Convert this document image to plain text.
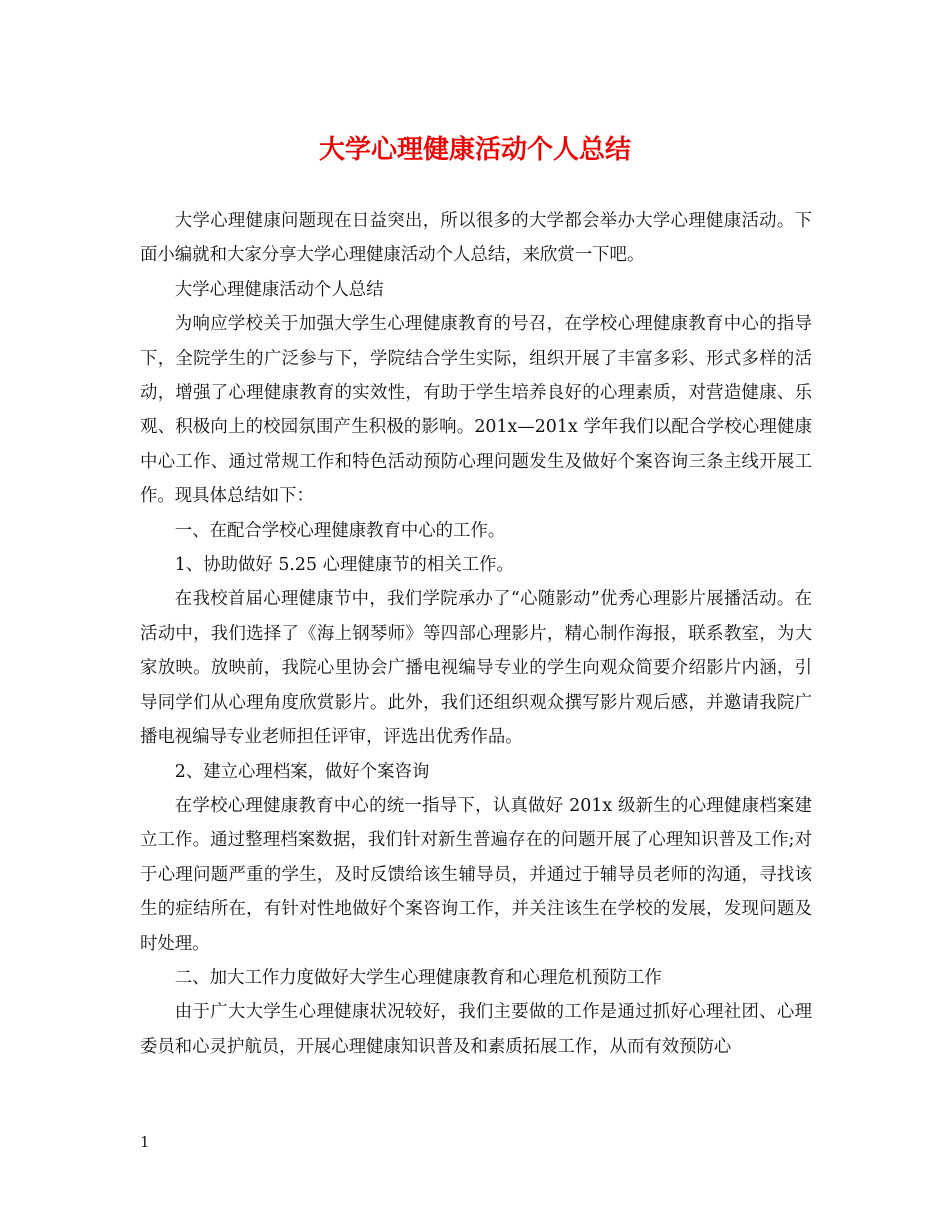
大学心理健康活动个人总结

大学心理健康问题现在日益突出，所以很多的大学都会举办大学心理健康活动。下面小编就和大家分享大学心理健康活动个人总结，来欣赏一下吧。

大学心理健康活动个人总结

为响应学校关于加强大学生心理健康教育的号召，在学校心理健康教育中心的指导下，全院学生的广泛参与下，学院结合学生实际，组织开展了丰富多彩、形式多样的活动，增强了心理健康教育的实效性，有助于学生培养良好的心理素质，对营造健康、乐观、积极向上的校园氛围产生积极的影响。201x—201x 学年我们以配合学校心理健康中心工作、通过常规工作和特色活动预防心理问题发生及做好个案咨询三条主线开展工作。现具体总结如下：

一、在配合学校心理健康教育中心的工作。

1、协助做好 5.25 心理健康节的相关工作。

在我校首届心理健康节中，我们学院承办了“心随影动”优秀心理影片展播活动。在活动中，我们选择了《海上钢琴师》等四部心理影片，精心制作海报，联系教室，为大家放映。放映前，我院心里协会广播电视编导专业的学生向观众简要介绍影片内涵，引导同学们从心理角度欣赏影片。此外，我们还组织观众撰写影片观后感，并邀请我院广播电视编导专业老师担任评审，评选出优秀作品。

2、建立心理档案，做好个案咨询

在学校心理健康教育中心的统一指导下，认真做好 201x 级新生的心理健康档案建立工作。通过整理档案数据，我们针对新生普遍存在的问题开展了心理知识普及工作;对于心理问题严重的学生，及时反馈给该生辅导员，并通过于辅导员老师的沟通，寻找该生的症结所在，有针对性地做好个案咨询工作，并关注该生在学校的发展，发现问题及时处理。

二、加大工作力度做好大学生心理健康教育和心理危机预防工作

由于广大大学生心理健康状况较好，我们主要做的工作是通过抓好心理社团、心理委员和心灵护航员，开展心理健康知识普及和素质拓展工作，从而有效预防心

1
